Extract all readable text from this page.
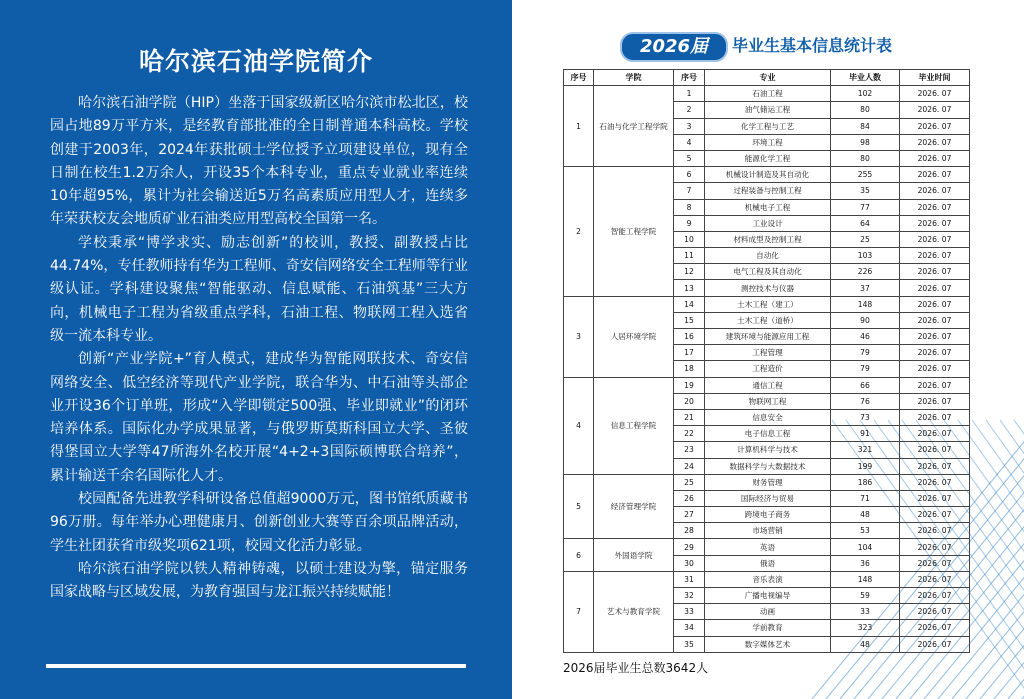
哈尔滨石油学院简介

哈尔滨石油学院（HIP）坐落于国家级新区哈尔滨市松北区，校园占地89万平方米，是经教育部批准的全日制普通本科高校。学校创建于2003年，2024年获批硕士学位授予立项建设单位，现有全日制在校生1.2万余人，开设35个本科专业，重点专业就业率连续10年超95%，累计为社会输送近5万名高素质应用型人才，连续多年荣获校友会地质矿业石油类应用型高校全国第一名。

学校秉承“博学求实、励志创新”的校训，教授、副教授占比44.74%，专任教师持有华为工程师、奇安信网络安全工程师等行业级认证。学科建设聚焦“智能驱动、信息赋能、石油筑基”三大方向，机械电子工程为省级重点学科，石油工程、物联网工程入选省级一流本科专业。

创新“产业学院+”育人模式，建成华为智能网联技术、奇安信网络安全、低空经济等现代产业学院，联合华为、中石油等头部企业开设36个订单班，形成“入学即锁定500强、毕业即就业”的闭环培养体系。国际化办学成果显著，与俄罗斯莫斯科国立大学、圣彼得堡国立大学等47所海外名校开展“4+2+3国际硕博联合培养”，累计输送千余名国际化人才。

校园配备先进教学科研设备总值超9000万元，图书馆纸质藏书96万册。每年举办心理健康月、创新创业大赛等百余项品牌活动，学生社团获省市级奖项621项，校园文化活力彰显。

哈尔滨石油学院以铁人精神铸魂，以硕士建设为擎，锚定服务国家战略与区域发展，为教育强国与龙江振兴持续赋能！

2026届	毕业生基本信息统计表
序号	学院	序号	专业	毕业人数	毕业时间
1	石油与化学工程学院	1	石油工程	102	2026. 07
		2	油气储运工程	80	2026. 07
		3	化学工程与工艺	84	2026. 07
		4	环境工程	98	2026. 07
		5	能源化学工程	80	2026. 07
2	智能工程学院	6	机械设计制造及其自动化	255	2026. 07
		7	过程装备与控制工程	35	2026. 07
		8	机械电子工程	77	2026. 07
		9	工业设计	64	2026. 07
		10	材料成型及控制工程	25	2026. 07
		11	自动化	103	2026. 07
		12	电气工程及其自动化	226	2026. 07
		13	测控技术与仪器	37	2026. 07
3	人居环境学院	14	土木工程（建工）	148	2026. 07
		15	土木工程（道桥）	90	2026. 07
		16	建筑环境与能源应用工程	46	2026. 07
		17	工程管理	79	2026. 07
		18	工程造价	79	2026. 07
4	信息工程学院	19	通信工程	66	2026. 07
		20	物联网工程	76	2026. 07
		21	信息安全	73	2026. 07
		22	电子信息工程	91	2026. 07
		23	计算机科学与技术	321	2026. 07
		24	数据科学与大数据技术	199	2026. 07
5	经济管理学院	25	财务管理	186	2026. 07
		26	国际经济与贸易	71	2026. 07
		27	跨境电子商务	48	2026. 07
		28	市场营销	53	2026. 07
6	外国语学院	29	英语	104	2026. 07
		30	俄语	36	2026. 07
7	艺术与教育学院	31	音乐表演	148	2026. 07
		32	广播电视编导	59	2026. 07
		33	动画	33	2026. 07
		34	学前教育	323	2026. 07
		35	数字媒体艺术	48	2026. 07
2026届毕业生总数3642人
